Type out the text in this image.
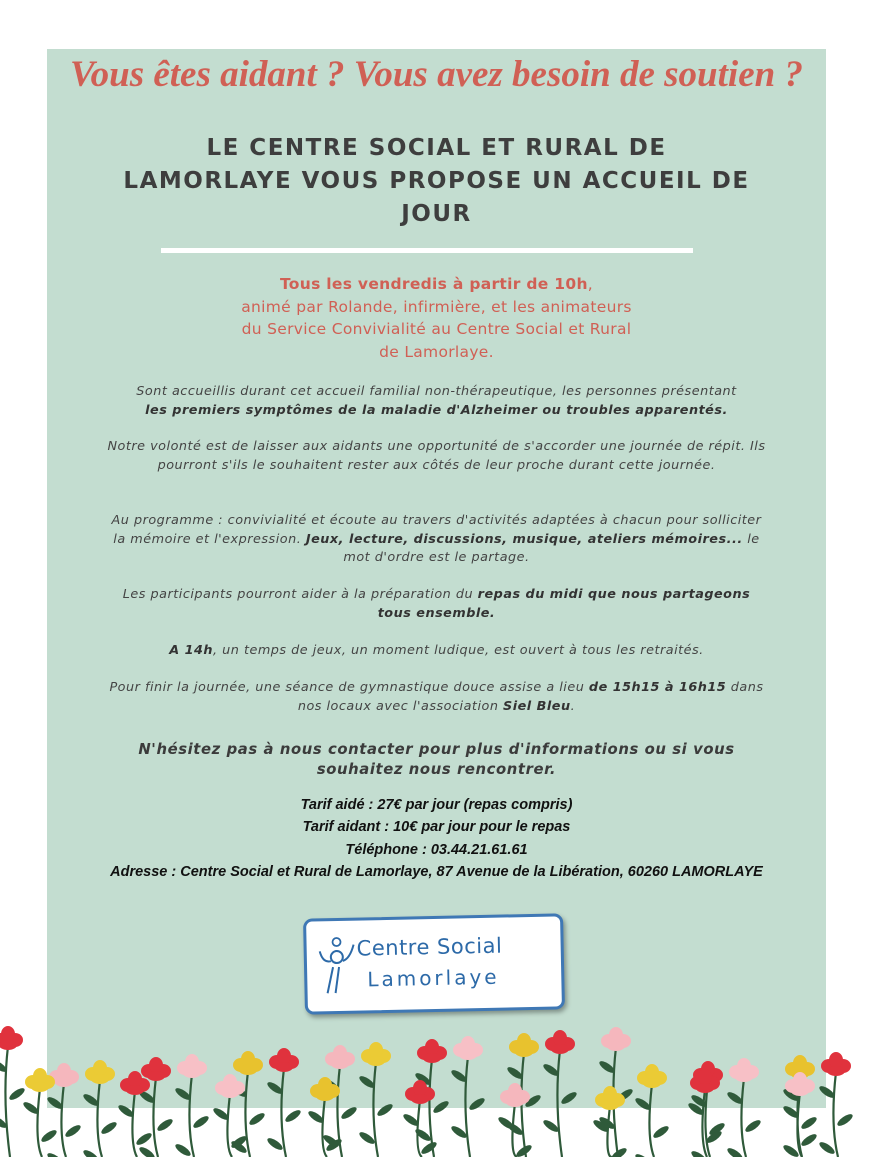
Vous êtes aidant ? Vous avez besoin de soutien ?
LE CENTRE SOCIAL ET RURAL DE LAMORLAYE VOUS PROPOSE UN ACCUEIL DE JOUR

Tous les vendredis à partir de 10h,
animé par Rolande, infirmière, et les animateurs
du Service Convivialité au Centre Social et Rural
de Lamorlaye.

Sont accueillis durant cet accueil familial non-thérapeutique, les personnes présentant
les premiers symptômes de la maladie d'Alzheimer ou troubles apparentés.

Notre volonté est de laisser aux aidants une opportunité de s'accorder une journée de répit. Ils pourront s'ils le souhaitent rester aux côtés de leur proche durant cette journée.

Au programme : convivialité et écoute au travers d'activités adaptées à chacun pour solliciter la mémoire et l'expression. Jeux, lecture, discussions, musique, ateliers mémoires... le mot d'ordre est le partage.

Les participants pourront aider à la préparation du repas du midi que nous partageons tous ensemble.

A 14h, un temps de jeux, un moment ludique, est ouvert à tous les retraités.

Pour finir la journée, une séance de gymnastique douce assise a lieu de 15h15 à 16h15 dans nos locaux avec l'association Siel Bleu.

N'hésitez pas à nous contacter pour plus d'informations ou si vous souhaitez nous rencontrer.

Tarif aidé : 27€ par jour (repas compris)

Tarif aidant : 10€ par jour pour le repas

Téléphone : 03.44.21.61.61

Adresse : Centre Social et Rural de Lamorlaye, 87 Avenue de la Libération, 60260 LAMORLAYE

Centre Social
Lamorlaye
